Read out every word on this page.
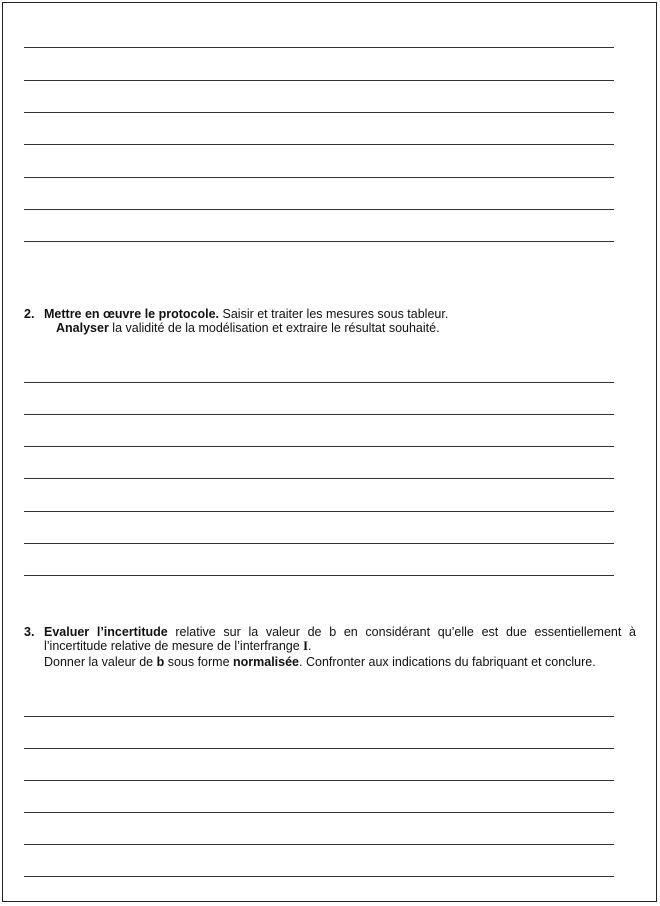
2. Mettre en œuvre le protocole. Saisir et traiter les mesures sous tableur.
Analyser la validité de la modélisation et extraire le résultat souhaité.
3. Evaluer l’incertitude relative sur la valeur de b en considérant qu’elle est due essentiellement à
l’incertitude relative de mesure de l’interfrange I.
Donner la valeur de b sous forme normalisée. Confronter aux indications du fabriquant et conclure.
